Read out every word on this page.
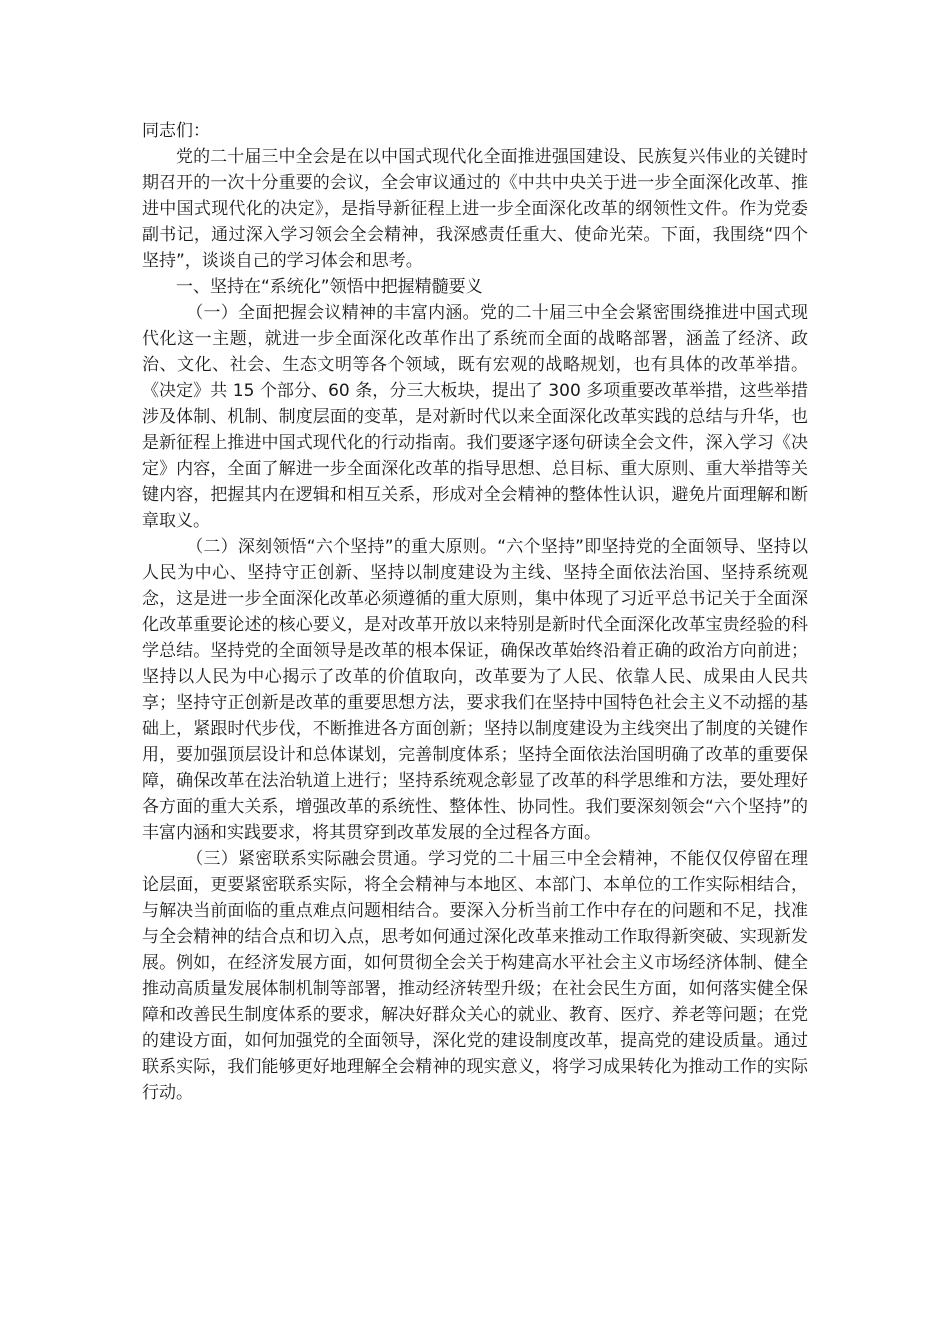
同志们：

党的二十届三中全会是在以中国式现代化全面推进强国建设、民族复兴伟业的关键时期召开的一次十分重要的会议，全会审议通过的《中共中央关于进一步全面深化改革、推进中国式现代化的决定》，是指导新征程上进一步全面深化改革的纲领性文件。作为党委副书记，通过深入学习领会全会精神，我深感责任重大、使命光荣。下面，我围绕“四个坚持”，谈谈自己的学习体会和思考。

一、坚持在“系统化”领悟中把握精髓要义

（一）全面把握会议精神的丰富内涵。党的二十届三中全会紧密围绕推进中国式现代化这一主题，就进一步全面深化改革作出了系统而全面的战略部署，涵盖了经济、政治、文化、社会、生态文明等各个领域，既有宏观的战略规划，也有具体的改革举措。《决定》共 15 个部分、60 条，分三大板块，提出了 300 多项重要改革举措，这些举措涉及体制、机制、制度层面的变革，是对新时代以来全面深化改革实践的总结与升华，也是新征程上推进中国式现代化的行动指南。我们要逐字逐句研读全会文件，深入学习《决定》内容，全面了解进一步全面深化改革的指导思想、总目标、重大原则、重大举措等关键内容，把握其内在逻辑和相互关系，形成对全会精神的整体性认识，避免片面理解和断章取义。

（二）深刻领悟“六个坚持”的重大原则。“六个坚持”即坚持党的全面领导、坚持以人民为中心、坚持守正创新、坚持以制度建设为主线、坚持全面依法治国、坚持系统观念，这是进一步全面深化改革必须遵循的重大原则，集中体现了习近平总书记关于全面深化改革重要论述的核心要义，是对改革开放以来特别是新时代全面深化改革宝贵经验的科学总结。坚持党的全面领导是改革的根本保证，确保改革始终沿着正确的政治方向前进；坚持以人民为中心揭示了改革的价值取向，改革要为了人民、依靠人民、成果由人民共享；坚持守正创新是改革的重要思想方法，要求我们在坚持中国特色社会主义不动摇的基础上，紧跟时代步伐，不断推进各方面创新；坚持以制度建设为主线突出了制度的关键作用，要加强顶层设计和总体谋划，完善制度体系；坚持全面依法治国明确了改革的重要保障，确保改革在法治轨道上进行；坚持系统观念彰显了改革的科学思维和方法，要处理好各方面的重大关系，增强改革的系统性、整体性、协同性。我们要深刻领会“六个坚持”的丰富内涵和实践要求，将其贯穿到改革发展的全过程各方面。

（三）紧密联系实际融会贯通。学习党的二十届三中全会精神，不能仅仅停留在理论层面，更要紧密联系实际，将全会精神与本地区、本部门、本单位的工作实际相结合，与解决当前面临的重点难点问题相结合。要深入分析当前工作中存在的问题和不足，找准与全会精神的结合点和切入点，思考如何通过深化改革来推动工作取得新突破、实现新发展。例如，在经济发展方面，如何贯彻全会关于构建高水平社会主义市场经济体制、健全推动高质量发展体制机制等部署，推动经济转型升级；在社会民生方面，如何落实健全保障和改善民生制度体系的要求，解决好群众关心的就业、教育、医疗、养老等问题；在党的建设方面，如何加强党的全面领导，深化党的建设制度改革，提高党的建设质量。通过联系实际，我们能够更好地理解全会精神的现实意义，将学习成果转化为推动工作的实际行动。
